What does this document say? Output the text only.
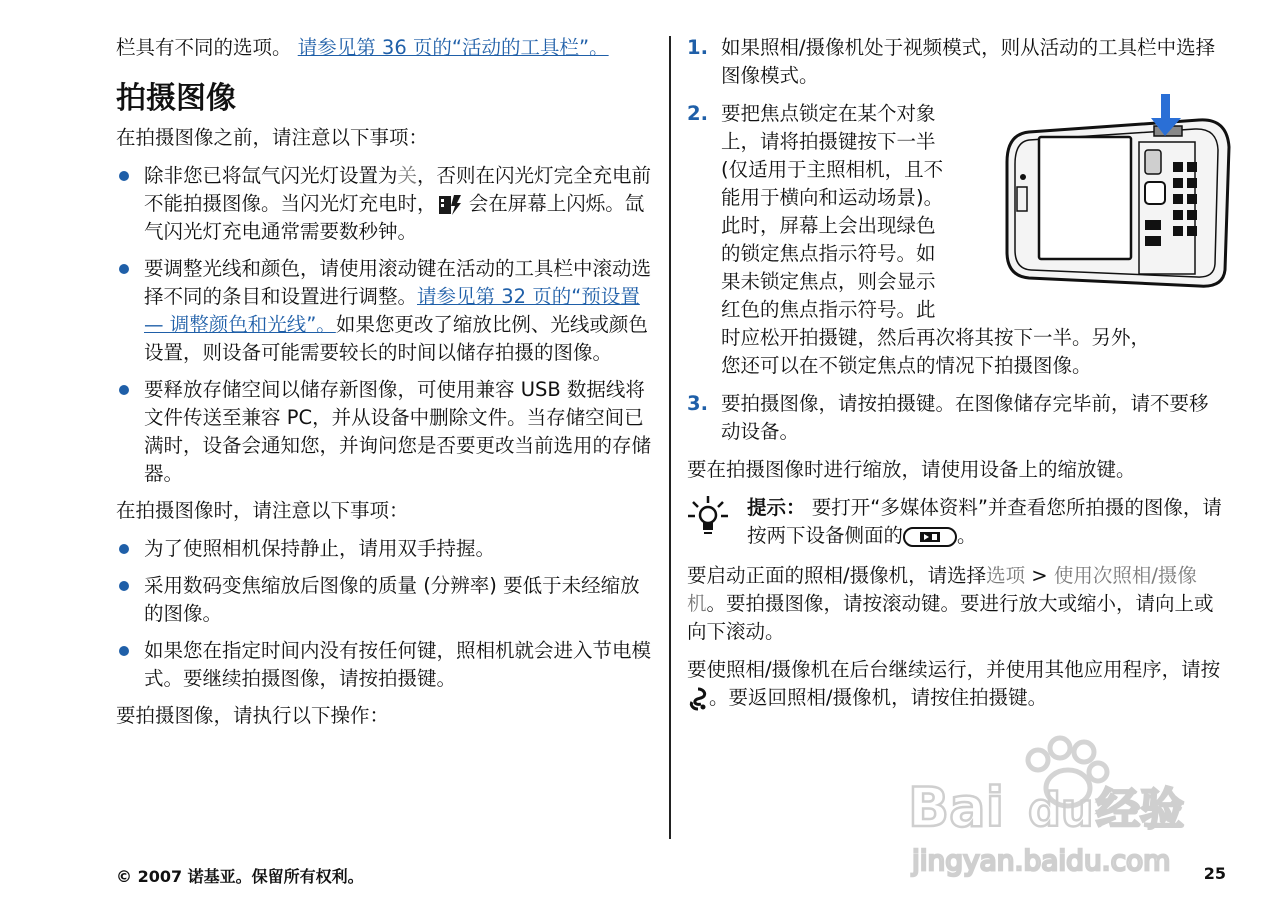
栏具有不同的选项。 请参见第 36 页的“活动的工具栏”。

拍摄图像

在拍摄图像之前，请注意以下事项：

除非您已将氙气闪光灯设置为关，否则在闪光灯完全充电前不能拍摄图像。当闪光灯充电时， 会在屏幕上闪烁。氙气闪光灯充电通常需要数秒钟。
要调整光线和颜色，请使用滚动键在活动的工具栏中滚动选择不同的条目和设置进行调整。请参见第 32 页的“预设置 — 调整颜色和光线”。如果您更改了缩放比例、光线或颜色设置，则设备可能需要较长的时间以储存拍摄的图像。
要释放存储空间以储存新图像，可使用兼容 USB 数据线将文件传送至兼容 PC，并从设备中删除文件。当存储空间已满时，设备会通知您，并询问您是否要更改当前选用的存储器。

在拍摄图像时，请注意以下事项：

为了使照相机保持静止，请用双手持握。
采用数码变焦缩放后图像的质量 (分辨率) 要低于未经缩放的图像。
如果您在指定时间内没有按任何键，照相机就会进入节电模式。要继续拍摄图像，请按拍摄键。

要拍摄图像，请执行以下操作：

1. 如果照相/摄像机处于视频模式，则从活动的工具栏中选择图像模式。
2. 要把焦点锁定在某个对象
上，请将拍摄键按下一半
(仅适用于主照相机，且不
能用于横向和运动场景)。
此时，屏幕上会出现绿色
的锁定焦点指示符号。如
果未锁定焦点，则会显示
红色的焦点指示符号。此
时应松开拍摄键，然后再次将其按下一半。另外，
您还可以在不锁定焦点的情况下拍摄图像。
3. 要拍摄图像，请按拍摄键。在图像储存完毕前，请不要移动设备。

要在拍摄图像时进行缩放，请使用设备上的缩放键。

提示： 要打开“多媒体资料”并查看您所拍摄的图像，请按两下设备侧面的	。

要启动正面的照相/摄像机，请选择选项 > 使用次照相/摄像机。要拍摄图像，请按滚动键。要进行放大或缩小，请向上或向下滚动。

要使照相/摄像机在后台继续运行，并使用其他应用程序，请按 。要返回照相/摄像机，请按住拍摄键。

Bai du 经验
jingyan.baidu.com
© 2007 诺基亚。保留所有权利。	25
